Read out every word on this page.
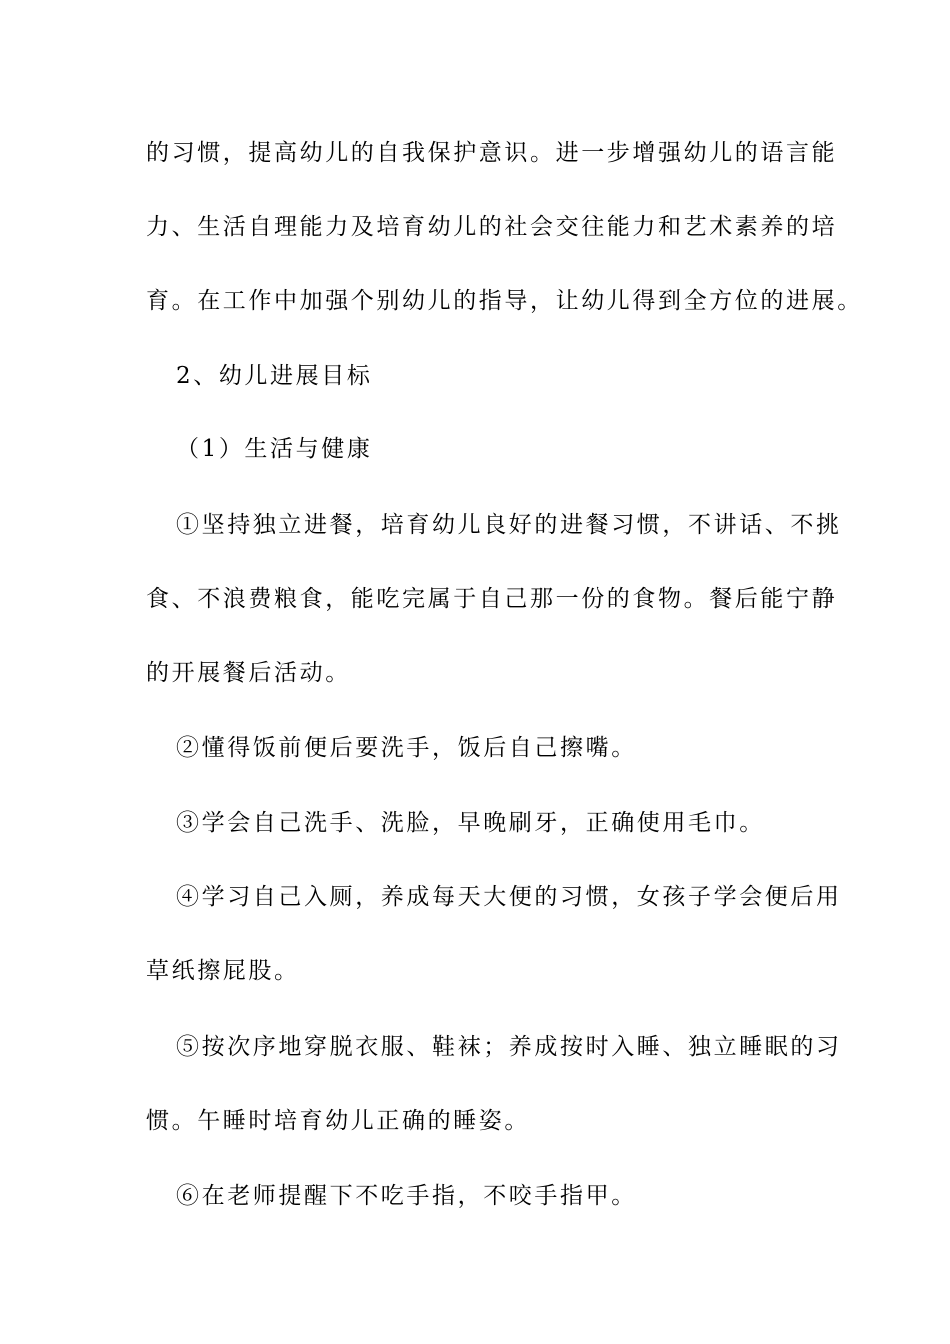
的习惯，提高幼儿的自我保护意识。进一步增强幼儿的语言能
力、生活自理能力及培育幼儿的社会交往能力和艺术素养的培
育。在工作中加强个别幼儿的指导，让幼儿得到全方位的进展。
2、幼儿进展目标
（1）生活与健康
①坚持独立进餐，培育幼儿良好的进餐习惯，不讲话、不挑
食、不浪费粮食，能吃完属于自己那一份的食物。餐后能宁静
的开展餐后活动。
②懂得饭前便后要洗手，饭后自己擦嘴。
③学会自己洗手、洗脸，早晚刷牙，正确使用毛巾。
④学习自己入厕，养成每天大便的习惯，女孩子学会便后用
草纸擦屁股。
⑤按次序地穿脱衣服、鞋袜；养成按时入睡、独立睡眠的习
惯。午睡时培育幼儿正确的睡姿。
⑥在老师提醒下不吃手指，不咬手指甲。
